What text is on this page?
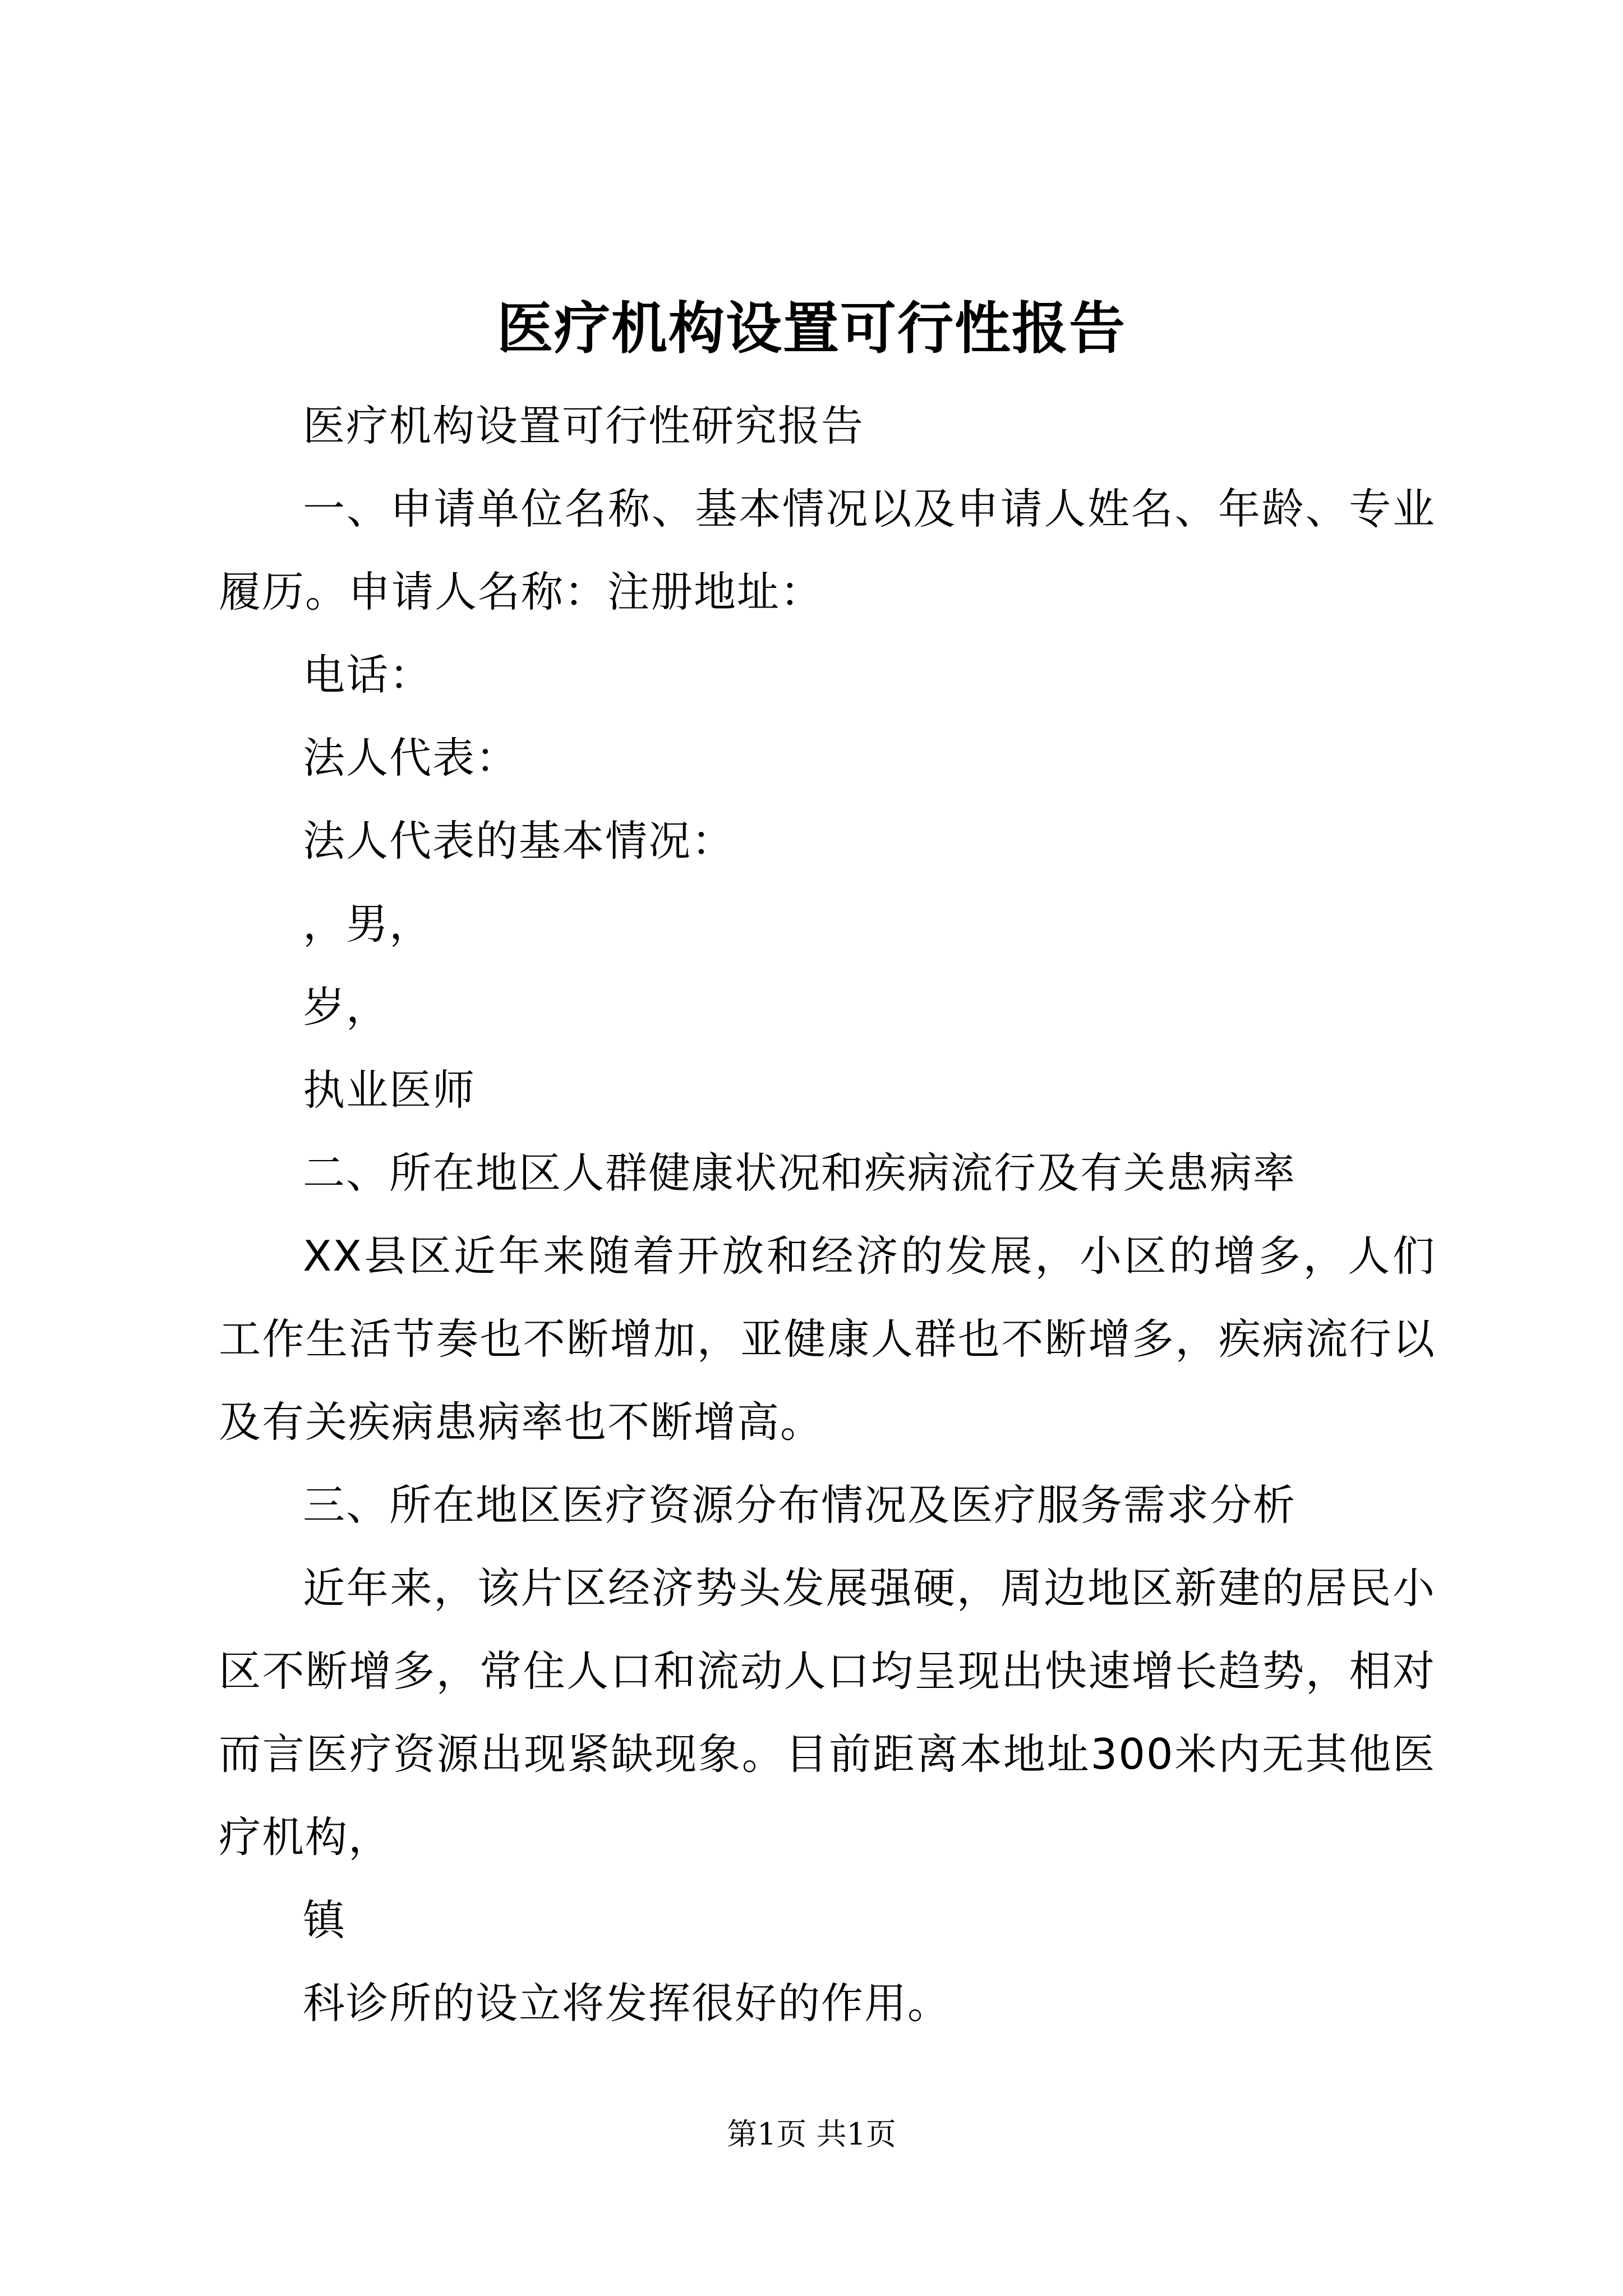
医疗机构设置可行性报告

医疗机构设置可行性研究报告

一、申请单位名称、基本情况以及申请人姓名、年龄、专业履历。申请人名称：注册地址：

电话：

法人代表：

法人代表的基本情况：

，男，

岁，

执业医师

二、所在地区人群健康状况和疾病流行及有关患病率

XX县区近年来随着开放和经济的发展，小区的增多，人们工作生活节奏也不断增加，亚健康人群也不断增多，疾病流行以及有关疾病患病率也不断增高。

三、所在地区医疗资源分布情况及医疗服务需求分析

近年来，该片区经济势头发展强硬，周边地区新建的居民小区不断增多，常住人口和流动人口均呈现出快速增长趋势，相对而言医疗资源出现紧缺现象。目前距离本地址300米内无其他医疗机构，

镇

科诊所的设立将发挥很好的作用。

第1页 共1页
